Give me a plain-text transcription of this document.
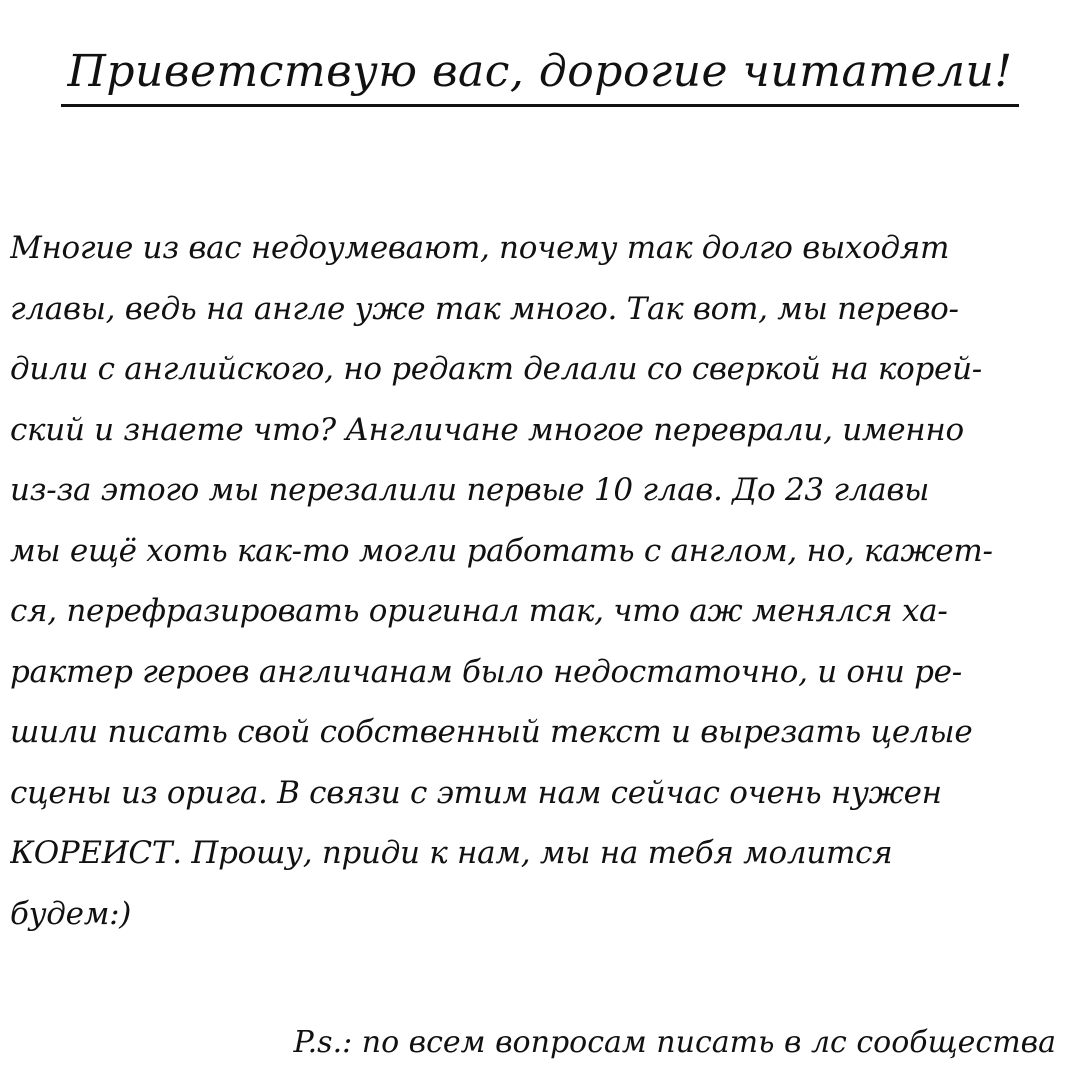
Приветствую вас, дорогие читатели!
Многие из вас недоумевают, почему так долго выходят
главы, ведь на англе уже так много. Так вот, мы перево-
дили с английского, но редакт делали со сверкой на корей-
ский и знаете что? Англичане многое переврали, именно
из-за этого мы перезалили первые 10 глав. До 23 главы
мы ещё хоть как-то могли работать с англом, но, кажет-
ся, перефразировать оригинал так, что аж менялся ха-
рактер героев англичанам было недостаточно, и они ре-
шили писать свой собственный текст и вырезать целые
сцены из орига. В связи с этим нам сейчас очень нужен
КОРЕИСТ. Прошу, приди к нам, мы на тебя молится
будем:)
P.s.: по всем вопросам писать в лс сообщества
